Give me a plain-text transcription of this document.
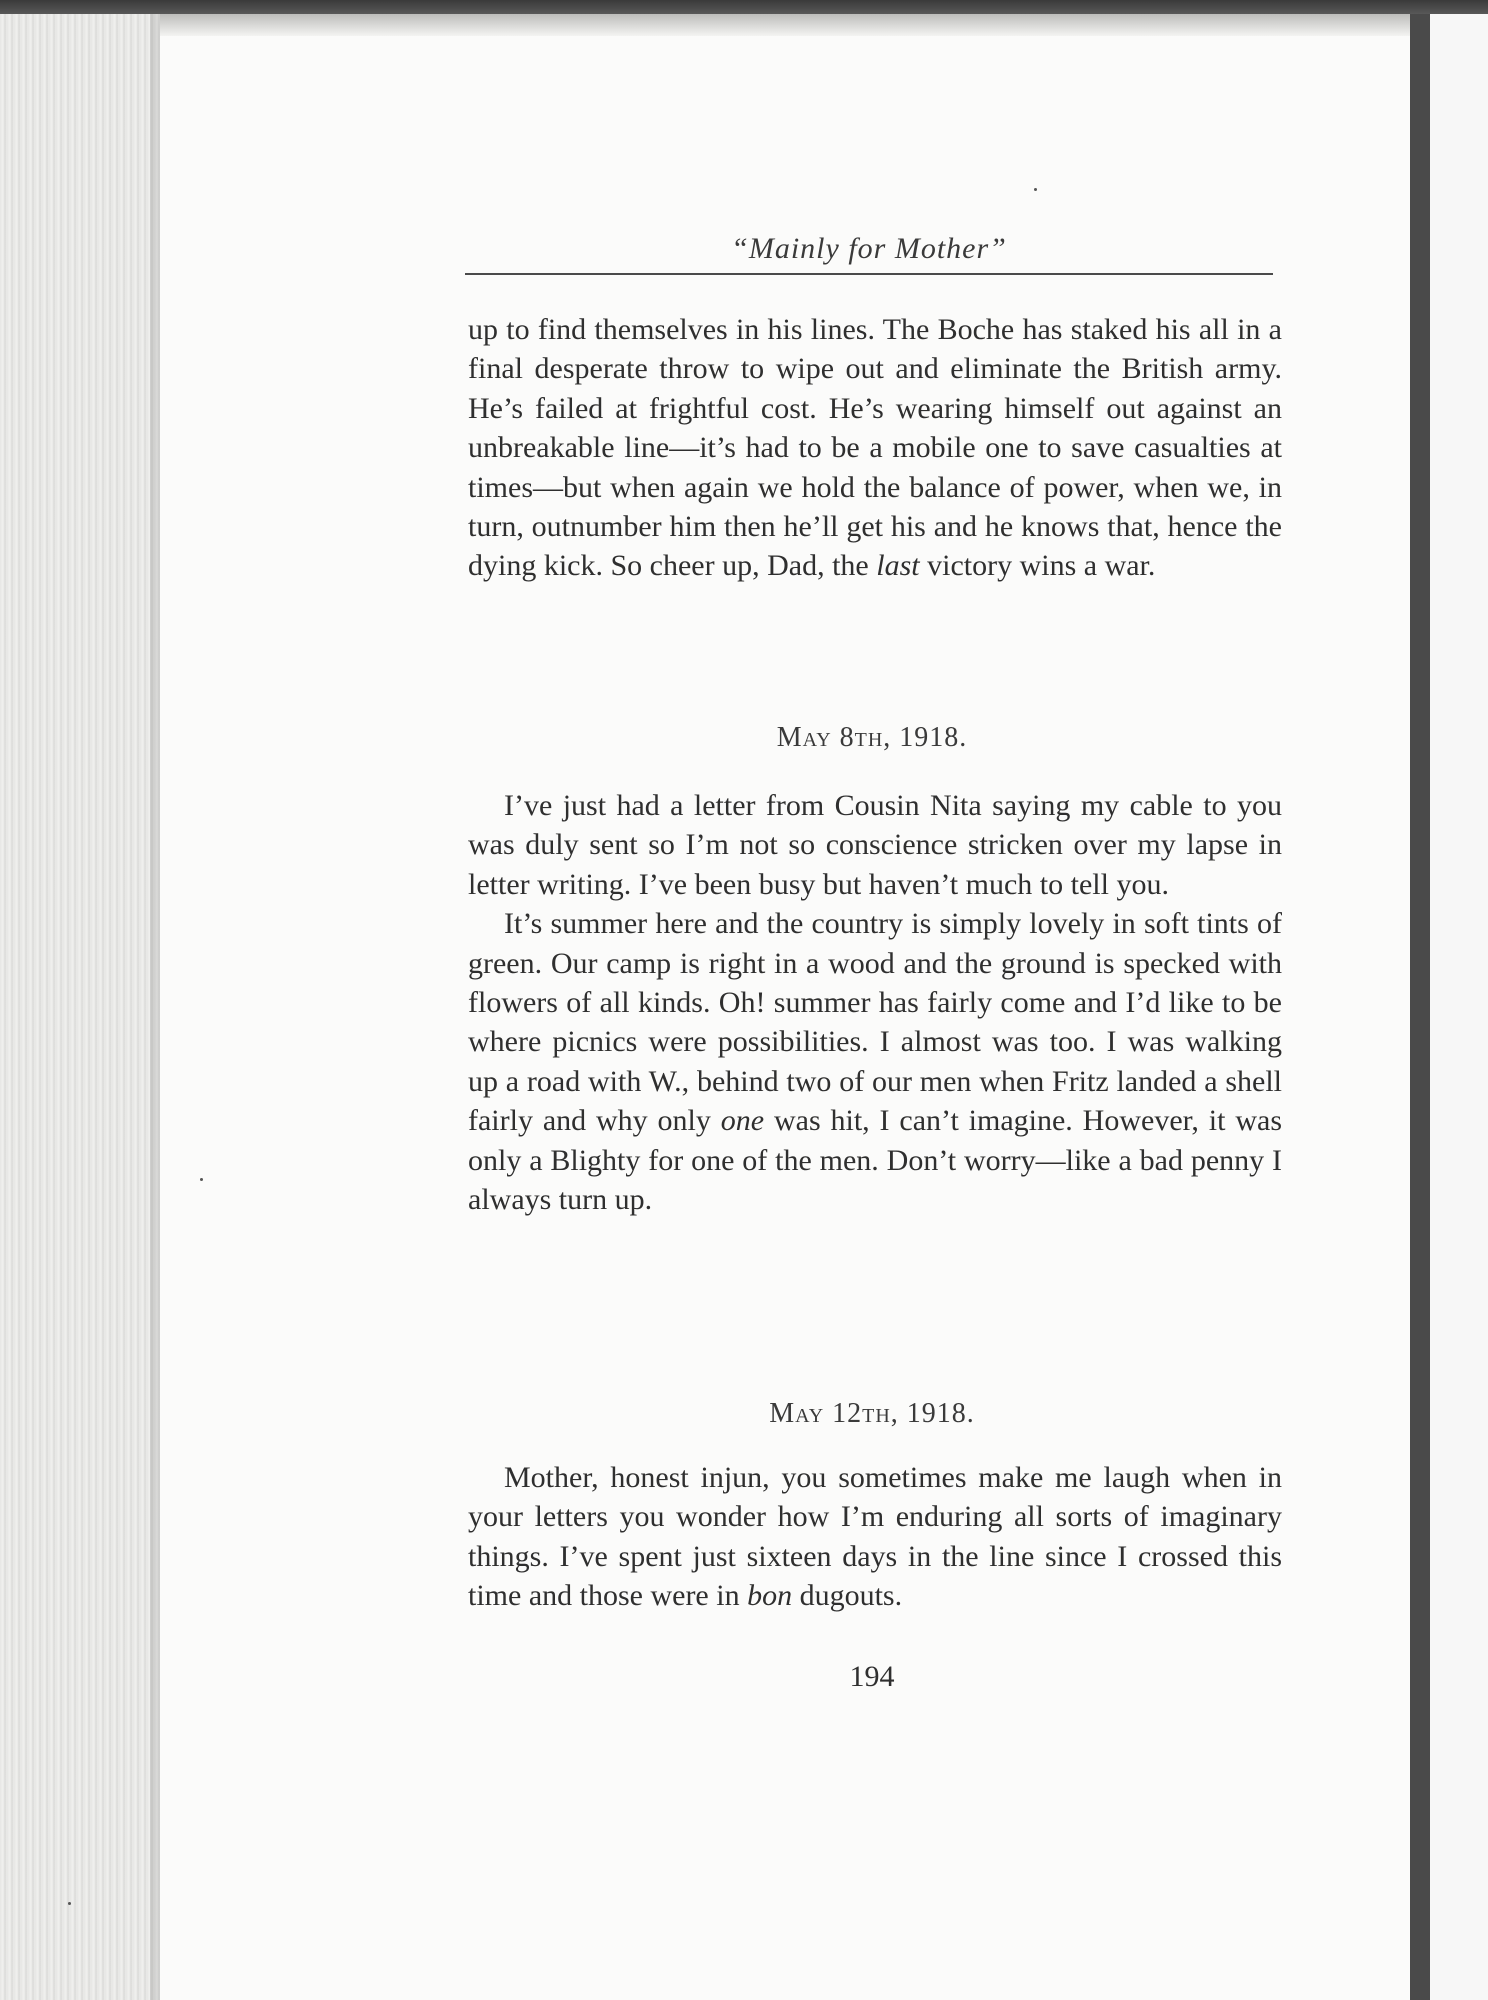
“Mainly for Mother”

up to find themselves in his lines. The Boche has staked his all in a final desperate throw to wipe out and eliminate the British army. He’s failed at frightful cost. He’s wearing himself out against an unbreakable line—it’s had to be a mobile one to save casualties at times—but when again we hold the balance of power, when we, in turn, outnumber him then he’ll get his and he knows that, hence the dying kick. So cheer up, Dad, the last victory wins a war.

May 8th, 1918.

I’ve just had a letter from Cousin Nita saying my cable to you was duly sent so I’m not so conscience stricken over my lapse in letter writing. I’ve been busy but haven’t much to tell you.

It’s summer here and the country is simply lovely in soft tints of green. Our camp is right in a wood and the ground is specked with flowers of all kinds. Oh! summer has fairly come and I’d like to be where picnics were possibilities. I almost was too. I was walking up a road with W., behind two of our men when Fritz landed a shell fairly and why only one was hit, I can’t imagine. However, it was only a Blighty for one of the men. Don’t worry—like a bad penny I always turn up.

May 12th, 1918.

Mother, honest injun, you sometimes make me laugh when in your letters you wonder how I’m enduring all sorts of imaginary things. I’ve spent just sixteen days in the line since I crossed this time and those were in bon dugouts.

194
